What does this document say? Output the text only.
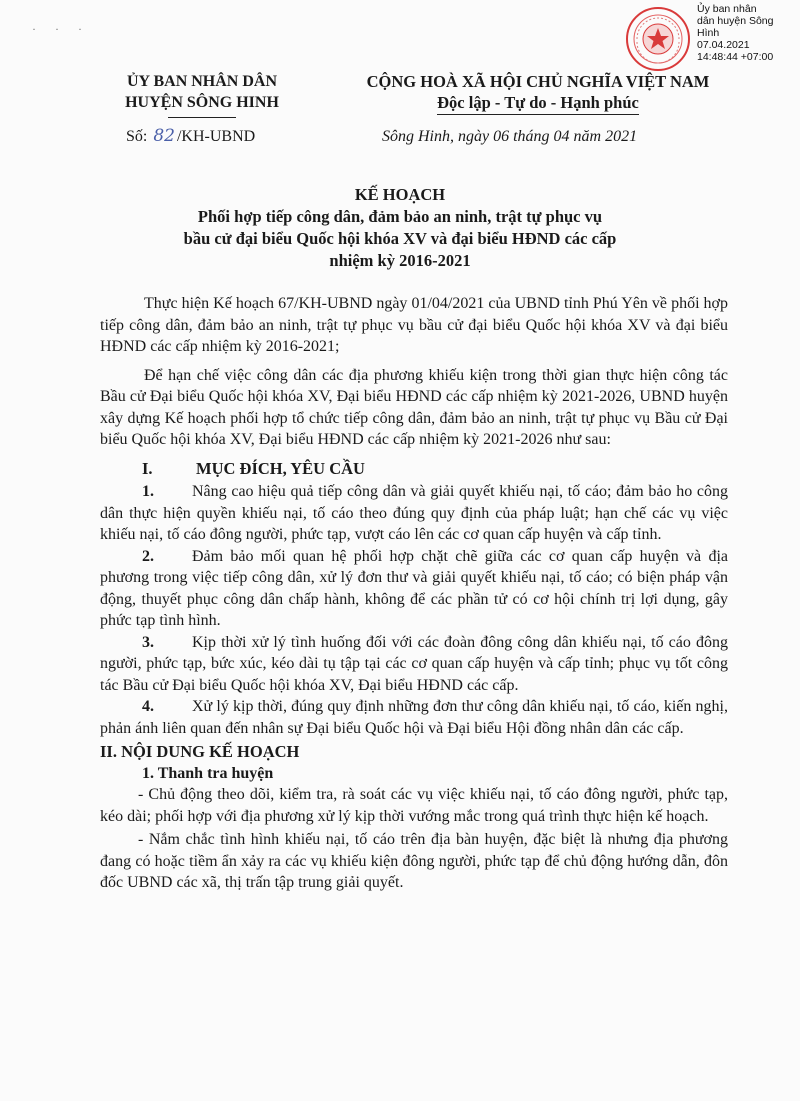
· · ·
Ủy ban nhân
dân huyện Sông
Hình
07.04.2021
14:48:44 +07:00
ỦY BAN NHÂN DÂN
HUYỆN SÔNG HINH
CỘNG HOÀ XÃ HỘI CHỦ NGHĨA VIỆT NAM
Độc lập - Tự do - Hạnh phúc
Số: 82 /KH-UBND	Sông Hinh, ngày 06 tháng 04 năm 2021
KẾ HOẠCH
Phối hợp tiếp công dân, đảm bảo an ninh, trật tự phục vụ
bầu cử đại biểu Quốc hội khóa XV và đại biểu HĐND các cấp
nhiệm kỳ 2016-2021

Thực hiện Kế hoạch 67/KH-UBND ngày 01/04/2021 của UBND tỉnh Phú Yên về phối hợp tiếp công dân, đảm bảo an ninh, trật tự phục vụ bầu cử đại biểu Quốc hội khóa XV và đại biểu HĐND các cấp nhiệm kỳ 2016-2021;

Để hạn chế việc công dân các địa phương khiếu kiện trong thời gian thực hiện công tác Bầu cử Đại biểu Quốc hội khóa XV, Đại biểu HĐND các cấp nhiệm kỳ 2021-2026, UBND huyện xây dựng Kế hoạch phối hợp tổ chức tiếp công dân, đảm bảo an ninh, trật tự phục vụ Bầu cử Đại biểu Quốc hội khóa XV, Đại biểu HĐND các cấp nhiệm kỳ 2021-2026 như sau:

I.	MỤC ĐÍCH, YÊU CẦU

1. Nâng cao hiệu quả tiếp công dân và giải quyết khiếu nại, tố cáo; đảm bảo ho công dân thực hiện quyền khiếu nại, tố cáo theo đúng quy định của pháp luật; hạn chế các vụ việc khiếu nại, tố cáo đông người, phức tạp, vượt cáo lên các cơ quan cấp huyện và cấp tỉnh.

2. Đảm bảo mối quan hệ phối hợp chặt chẽ giữa các cơ quan cấp huyện và địa phương trong việc tiếp công dân, xử lý đơn thư và giải quyết khiếu nại, tố cáo; có biện pháp vận động, thuyết phục công dân chấp hành, không để các phần tử có cơ hội chính trị lợi dụng, gây phức tạp tình hình.

3. Kịp thời xử lý tình huống đối với các đoàn đông công dân khiếu nại, tố cáo đông người, phức tạp, bức xúc, kéo dài tụ tập tại các cơ quan cấp huyện và cấp tỉnh; phục vụ tốt công tác Bầu cử Đại biểu Quốc hội khóa XV, Đại biểu HĐND các cấp.

4. Xử lý kịp thời, đúng quy định những đơn thư công dân khiếu nại, tố cáo, kiến nghị, phản ánh liên quan đến nhân sự Đại biểu Quốc hội và Đại biểu Hội đồng nhân dân các cấp.

II. NỘI DUNG KẾ HOẠCH
1. Thanh tra huyện

- Chủ động theo dõi, kiểm tra, rà soát các vụ việc khiếu nại, tố cáo đông người, phức tạp, kéo dài; phối hợp với địa phương xử lý kịp thời vướng mắc trong quá trình thực hiện kế hoạch.

- Nắm chắc tình hình khiếu nại, tố cáo trên địa bàn huyện, đặc biệt là nhưng địa phương đang có hoặc tiềm ẩn xảy ra các vụ khiếu kiện đông người, phức tạp để chủ động hướng dẫn, đôn đốc UBND các xã, thị trấn tập trung giải quyết.
